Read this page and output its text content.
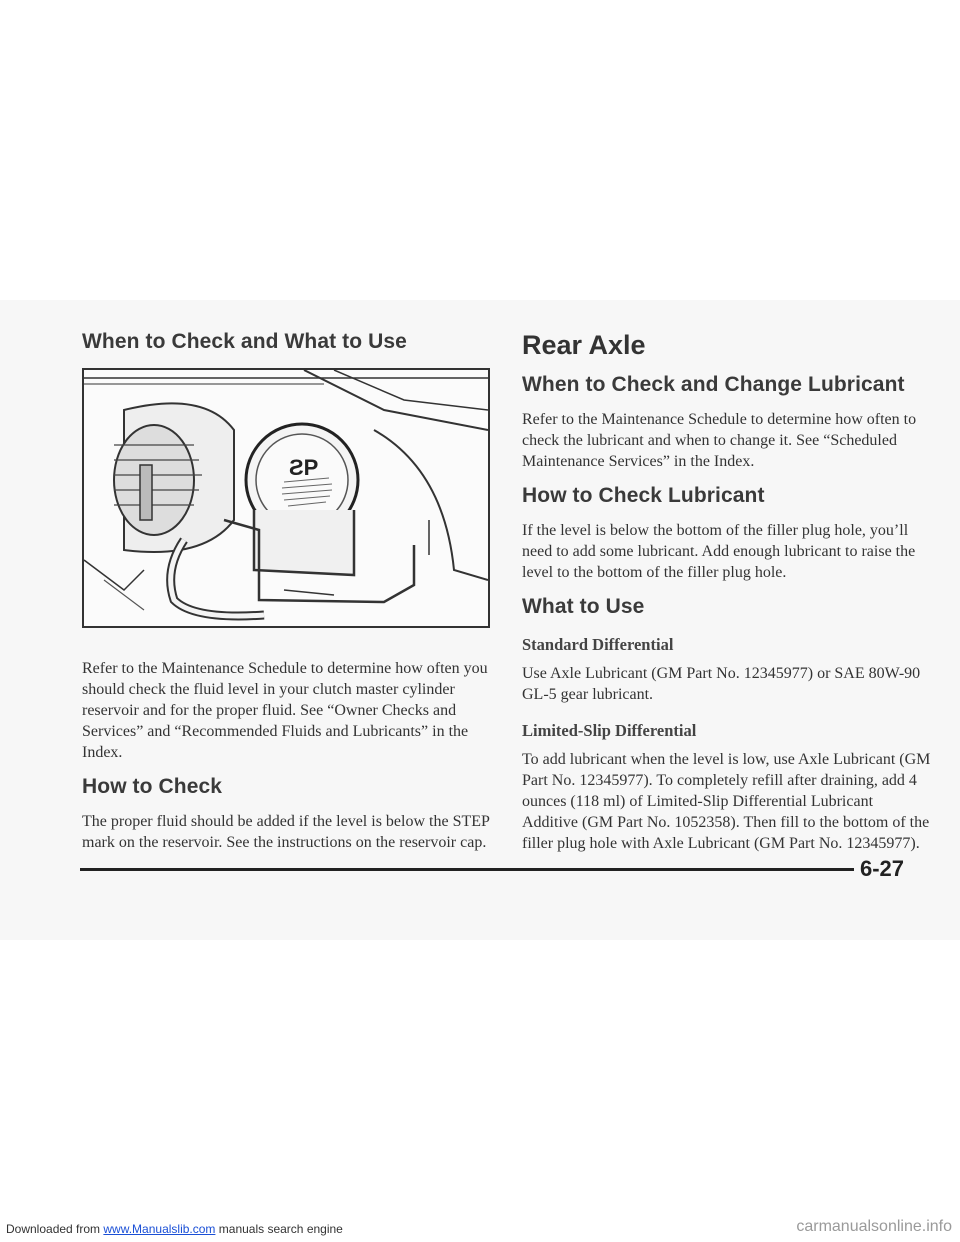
When to Check and What to Use
ƧP

Refer to the Maintenance Schedule to determine how often you should check the fluid level in your clutch master cylinder reservoir and for the proper fluid. See “Owner Checks and Services” and “Recommended Fluids and Lubricants” in the Index.

How to Check

The proper fluid should be added if the level is below the STEP mark on the reservoir. See the instructions on the reservoir cap.

Rear Axle
When to Check and Change Lubricant

Refer to the Maintenance Schedule to determine how often to check the lubricant and when to change it. See “Scheduled Maintenance Services” in the Index.

How to Check Lubricant

If the level is below the bottom of the filler plug hole, you’ll need to add some lubricant. Add enough lubricant to raise the level to the bottom of the filler plug hole.

What to Use
Standard Differential

Use Axle Lubricant (GM Part No. 12345977) or SAE 80W-90 GL-5 gear lubricant.

Limited-Slip Differential

To add lubricant when the level is low, use Axle Lubricant (GM Part No. 12345977). To completely refill after draining, add 4 ounces (118 ml) of Limited-Slip Differential Lubricant Additive (GM Part No. 1052358). Then fill to the bottom of the filler plug hole with Axle Lubricant (GM Part No. 12345977).

6-27
Downloaded from www.Manualslib.com manuals search engine	carmanualsonline.info
